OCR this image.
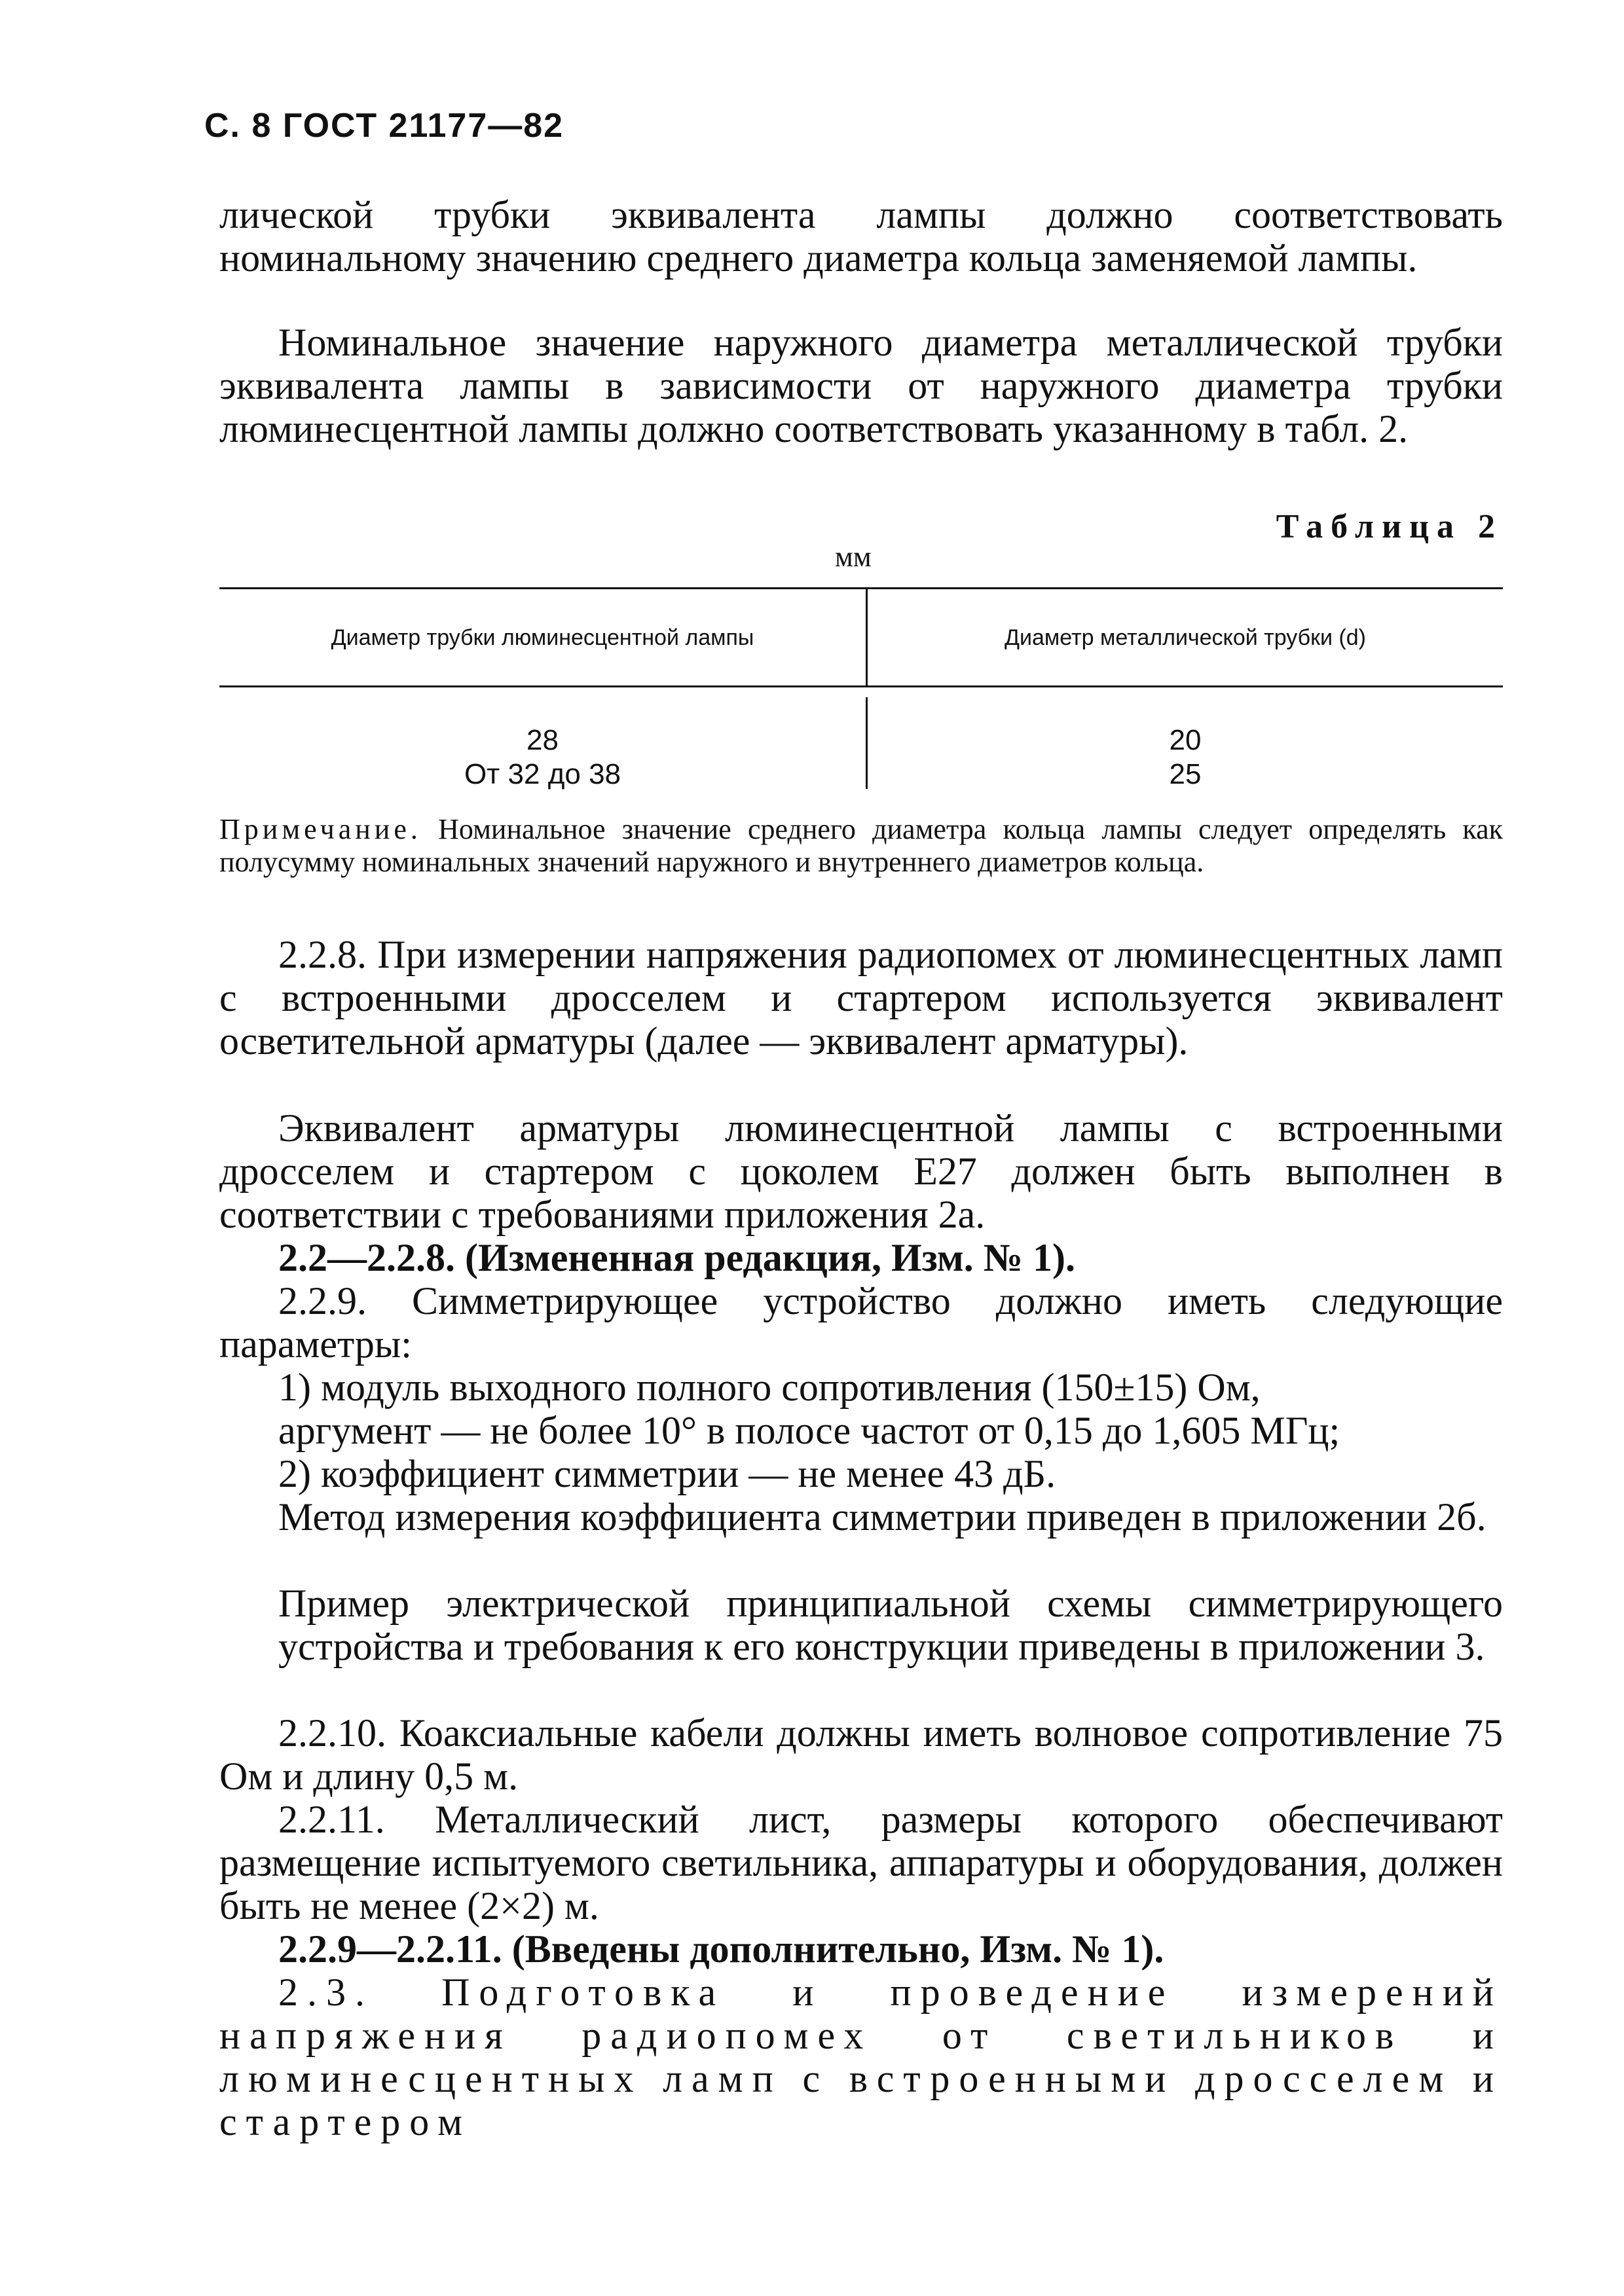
С. 8 ГОСТ 21177—82

лической трубки эквивалента лампы должно соответствовать номинальному значению среднего диаметра кольца заменяемой лампы.

Номинальное значение наружного диаметра металлической трубки эквивалента лампы в зависимости от наружного диаметра трубки люминесцентной лампы должно соответствовать указанному в табл. 2.

Таблица 2
мм
Диаметр трубки люминесцентной лампы	Диаметр металлической трубки (d)
28	20
От 32 до 38	25
Примечание. Номинальное значение среднего диаметра кольца лампы следует определять как полусумму номинальных значений наружного и внутреннего диаметров кольца.

2.2.8. При измерении напряжения радиопомех от люминесцентных ламп с встроенными дросселем и стартером используется эквивалент осветительной арматуры (далее — эквивалент арматуры).

Эквивалент арматуры люминесцентной лампы с встроенными дросселем и стартером с цоколем Е27 должен быть выполнен в соответствии с требованиями приложения 2а.

2.2—2.2.8. (Измененная редакция, Изм. № 1).

2.2.9. Симметрирующее устройство должно иметь следующие параметры:

1) модуль выходного полного сопротивления (150±15) Ом,

аргумент — не более 10° в полосе частот от 0,15 до 1,605 МГц;

2) коэффициент симметрии — не менее 43 дБ.

Метод измерения коэффициента симметрии приведен в приложении 2б.

Пример электрической принципиальной схемы симметрирующего устройства и требования к его конструкции приведены в приложении 3.

2.2.10. Коаксиальные кабели должны иметь волновое сопротивление 75 Ом и длину 0,5 м.

2.2.11. Металлический лист, размеры которого обеспечивают размещение испытуемого светильника, аппаратуры и оборудования, должен быть не менее (2×2) м.

2.2.9—2.2.11. (Введены дополнительно, Изм. № 1).

2.3. Подготовка и проведение измерений напряжения радиопомех от светильников и люминесцентных ламп с встроенными дросселем и стартером
